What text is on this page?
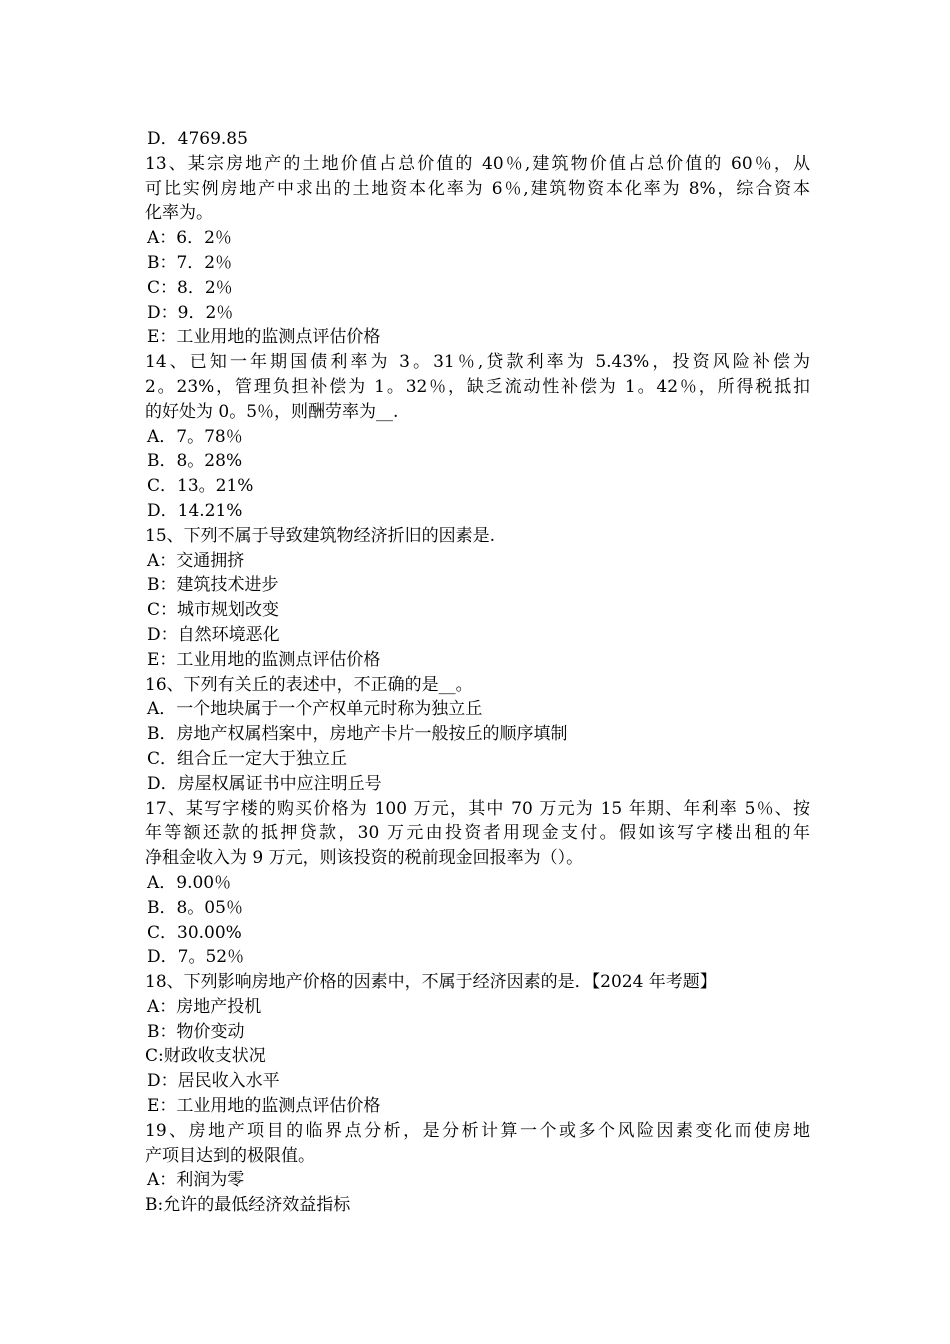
D．4769.85
13、某宗房地产的土地价值占总价值的 40％,建筑物价值占总价值的 60％，从
可比实例房地产中求出的土地资本化率为 6％,建筑物资本化率为 8%，综合资本
化率为。
A：6．2％
B：7．2％
C：8．2％
D：9．2％
E：工业用地的监测点评估价格
14、已知一年期国债利率为 3。31％,贷款利率为 5.43%，投资风险补偿为
2。23%，管理负担补偿为 1。32％，缺乏流动性补偿为 1。42％，所得税抵扣
的好处为 0。5％，则酬劳率为__.
A．7。78％
B．8。28%
C．13。21%
D．14.21%
15、下列不属于导致建筑物经济折旧的因素是.
A：交通拥挤
B：建筑技术进步
C：城市规划改变
D：自然环境恶化
E：工业用地的监测点评估价格
16、下列有关丘的表述中，不正确的是__。
A．一个地块属于一个产权单元时称为独立丘
B．房地产权属档案中，房地产卡片一般按丘的顺序填制
C．组合丘一定大于独立丘
D．房屋权属证书中应注明丘号
17、某写字楼的购买价格为 100 万元，其中 70 万元为 15 年期、年利率 5％、按
年等额还款的抵押贷款，30 万元由投资者用现金支付。假如该写字楼出租的年
净租金收入为 9 万元，则该投资的税前现金回报率为（）。
A．9.00％
B．8。05％
C．30.00%
D．7。52％
18、下列影响房地产价格的因素中，不属于经济因素的是．【2024 年考题】
A：房地产投机
B：物价变动
C:财政收支状况
D：居民收入水平
E：工业用地的监测点评估价格
19、房地产项目的临界点分析，是分析计算一个或多个风险因素变化而使房地
产项目达到的极限值。
A：利润为零
B:允许的最低经济效益指标
